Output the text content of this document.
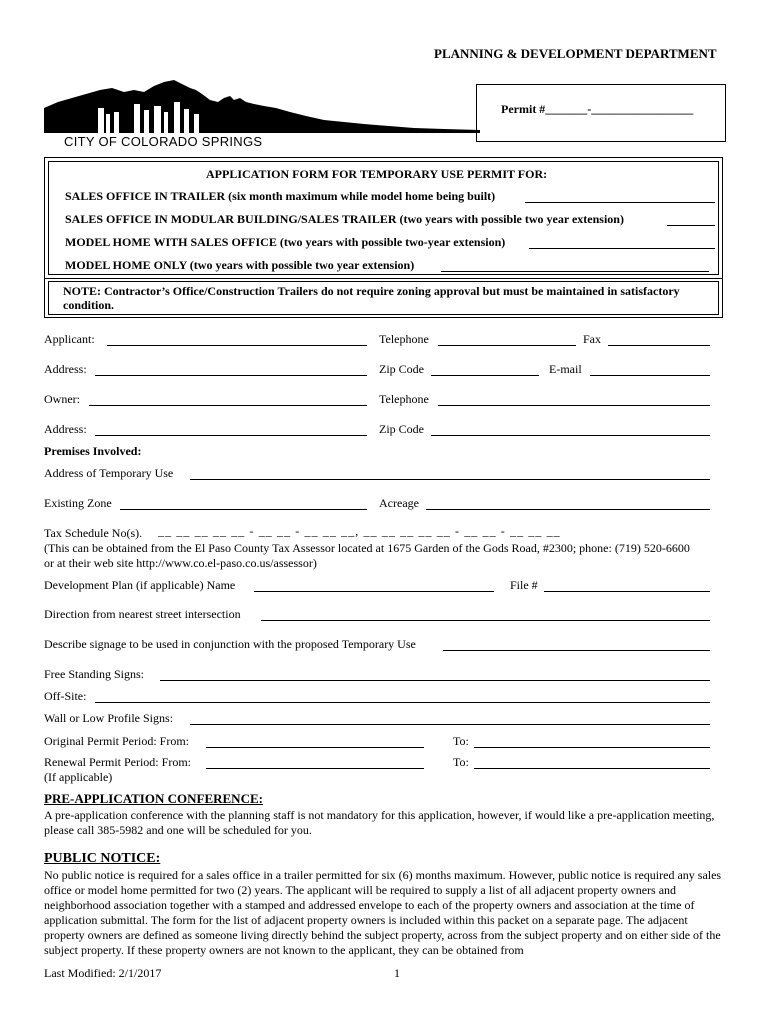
PLANNING & DEVELOPMENT DEPARTMENT
CITY OF COLORADO SPRINGS
Permit #_______-_________________
APPLICATION FORM FOR TEMPORARY USE PERMIT FOR:
SALES OFFICE IN TRAILER (six month maximum while model home being built)
SALES OFFICE IN MODULAR BUILDING/SALES TRAILER (two years with possible two year extension)
MODEL HOME WITH SALES OFFICE (two years with possible two-year extension)
MODEL HOME ONLY (two years with possible two year extension)
NOTE: Contractor’s Office/Construction Trailers do not require zoning approval but must be maintained in satisfactory condition.
Applicant:	Telephone	Fax
Address:	Zip Code	E-mail
Owner:	Telephone
Address:	Zip Code
Premises Involved:
Address of Temporary Use
Existing Zone	Acreage
Tax Schedule No(s). __ __ __ __ __ - __ __ - __ __ __, __ __ __ __ __ - __ __ - __ __ __
(This can be obtained from the El Paso County Tax Assessor located at 1675 Garden of the Gods Road, #2300; phone: (719) 520-6600
or at their web site http://www.co.el-paso.co.us/assessor)
Development Plan (if applicable) Name	File #
Direction from nearest street intersection
Describe signage to be used in conjunction with the proposed Temporary Use
Free Standing Signs:
Off-Site:
Wall or Low Profile Signs:
Original Permit Period: From:	To:
Renewal Permit Period: From:	To:
(If applicable)
PRE-APPLICATION CONFERENCE:
A pre-application conference with the planning staff is not mandatory for this application, however, if would like a pre-application meeting, please call 385-5982 and one will be scheduled for you.
PUBLIC NOTICE:
No public notice is required for a sales office in a trailer permitted for six (6) months maximum. However, public notice is required any sales office or model home permitted for two (2) years. The applicant will be required to supply a list of all adjacent property owners and neighborhood association together with a stamped and addressed envelope to each of the property owners and association at the time of application submittal. The form for the list of adjacent property owners is included within this packet on a separate page. The adjacent property owners are defined as someone living directly behind the subject property, across from the subject property and on either side of the subject property. If these property owners are not known to the applicant, they can be obtained from
Last Modified: 2/1/2017	1
